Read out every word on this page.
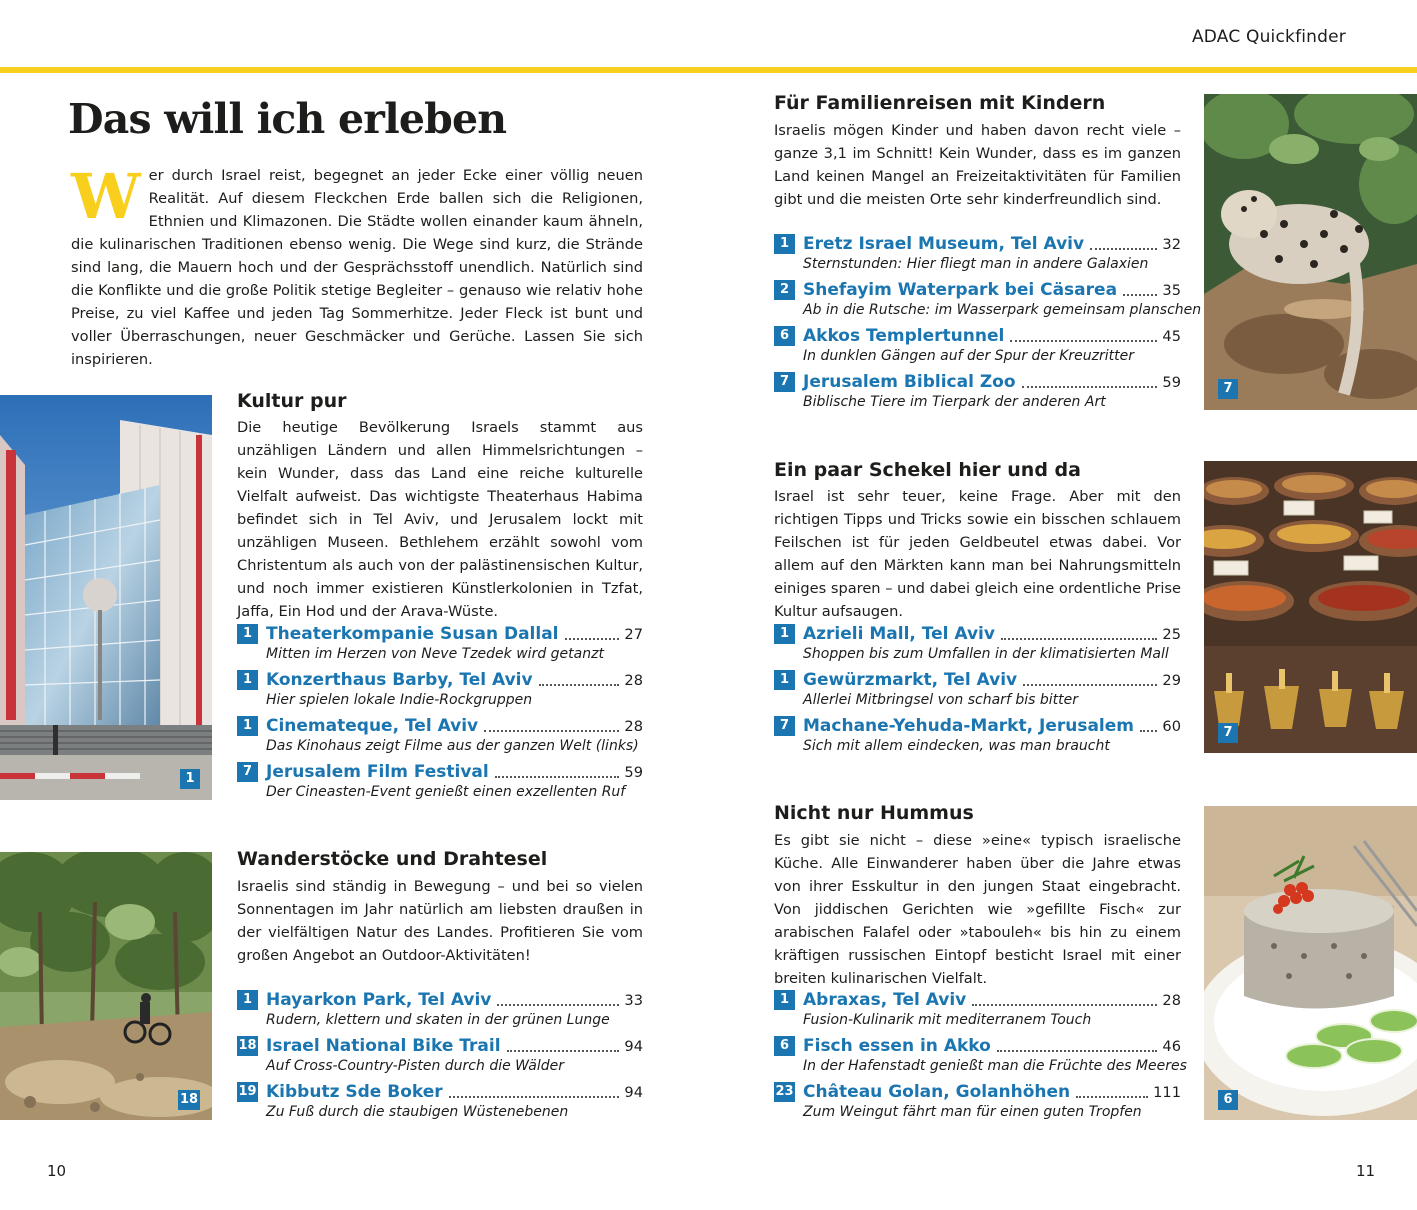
ADAC Quickfinder
Das will ich erleben
Wer durch Israel reist, begegnet an jeder Ecke einer völlig neuen Realität. Auf diesem Fleckchen Erde ballen sich die Religionen, Ethnien und Klimazonen. Die Städte wollen einander kaum ähneln, die kulinarischen Traditionen ebenso wenig. Die Wege sind kurz, die Strände sind lang, die Mauern hoch und der Gesprächsstoff unendlich. Natürlich sind die Konflikte und die große Politik stetige Begleiter – genauso wie relativ hohe Preise, zu viel Kaffee und jeden Tag Sommerhitze. Jeder Fleck ist bunt und voller Überraschungen, neuer Geschmäcker und Gerüche. Lassen Sie sich inspirieren.
1
Kultur pur
Die heutige Bevölkerung Israels stammt aus unzähligen Ländern und allen Himmelsrichtungen – kein Wunder, dass das Land eine reiche kulturelle Vielfalt aufweist. Das wichtigste Theaterhaus Habima befindet sich in Tel Aviv, und Jerusalem lockt mit unzähligen Museen. Bethlehem erzählt sowohl vom Christentum als auch von der palästinensischen Kultur, und noch immer existieren Künstlerkolonien in Tzfat, Jaffa, Ein Hod und der Arava-Wüste.
1 Theaterkompanie Susan Dallal	27
Mitten im Herzen von Neve Tzedek wird getanzt
1 Konzerthaus Barby, Tel Aviv	28
Hier spielen lokale Indie-Rockgruppen
1 Cinemateque, Tel Aviv	28
Das Kinohaus zeigt Filme aus der ganzen Welt (links)
7 Jerusalem Film Festival	59
Der Cineasten-Event genießt einen exzellenten Ruf
18
Wanderstöcke und Drahtesel
Israelis sind ständig in Bewegung – und bei so vielen Sonnentagen im Jahr natürlich am liebsten draußen in der vielfältigen Natur des Landes. Profitieren Sie vom großen Angebot an Outdoor-Aktivitäten!
1 Hayarkon Park, Tel Aviv	33
Rudern, klettern und skaten in der grünen Lunge
18 Israel National Bike Trail	94
Auf Cross-Country-Pisten durch die Wälder
19 Kibbutz Sde Boker	94
Zu Fuß durch die staubigen Wüstenebenen
Für Familienreisen mit Kindern
Israelis mögen Kinder und haben davon recht viele – ganze 3,1 im Schnitt! Kein Wunder, dass es im ganzen Land keinen Mangel an Freizeitaktivitäten für Familien gibt und die meisten Orte sehr kinderfreundlich sind.
1 Eretz Israel Museum, Tel Aviv	32
Sternstunden: Hier fliegt man in andere Galaxien
2 Shefayim Waterpark bei Cäsarea	35
Ab in die Rutsche: im Wasserpark gemeinsam planschen
6 Akkos Templertunnel	45
In dunklen Gängen auf der Spur der Kreuzritter
7 Jerusalem Biblical Zoo	59
Biblische Tiere im Tierpark der anderen Art
7
Ein paar Schekel hier und da
Israel ist sehr teuer, keine Frage. Aber mit den richtigen Tipps und Tricks sowie ein bisschen schlauem Feilschen ist für jeden Geldbeutel etwas dabei. Vor allem auf den Märkten kann man bei Nahrungsmitteln einiges sparen – und dabei gleich eine ordentliche Prise Kultur aufsaugen.
1 Azrieli Mall, Tel Aviv	25
Shoppen bis zum Umfallen in der klimatisierten Mall
1 Gewürzmarkt, Tel Aviv	29
Allerlei Mitbringsel von scharf bis bitter
7 Machane-Yehuda-Markt, Jerusalem 60
Sich mit allem eindecken, was man braucht
7
Nicht nur Hummus
Es gibt sie nicht – diese »eine« typisch israelische Küche. Alle Einwanderer haben über die Jahre etwas von ihrer Esskultur in den jungen Staat eingebracht. Von jiddischen Gerichten wie »gefillte Fisch« zur arabischen Falafel oder »tabouleh« bis hin zu einem kräftigen russischen Eintopf besticht Israel mit einer breiten kulinarischen Vielfalt.
1 Abraxas, Tel Aviv	28
Fusion-Kulinarik mit mediterranem Touch
6 Fisch essen in Akko	46
In der Hafenstadt genießt man die Früchte des Meeres
23 Château Golan, Golanhöhen	111
Zum Weingut fährt man für einen guten Tropfen
6
10	11
